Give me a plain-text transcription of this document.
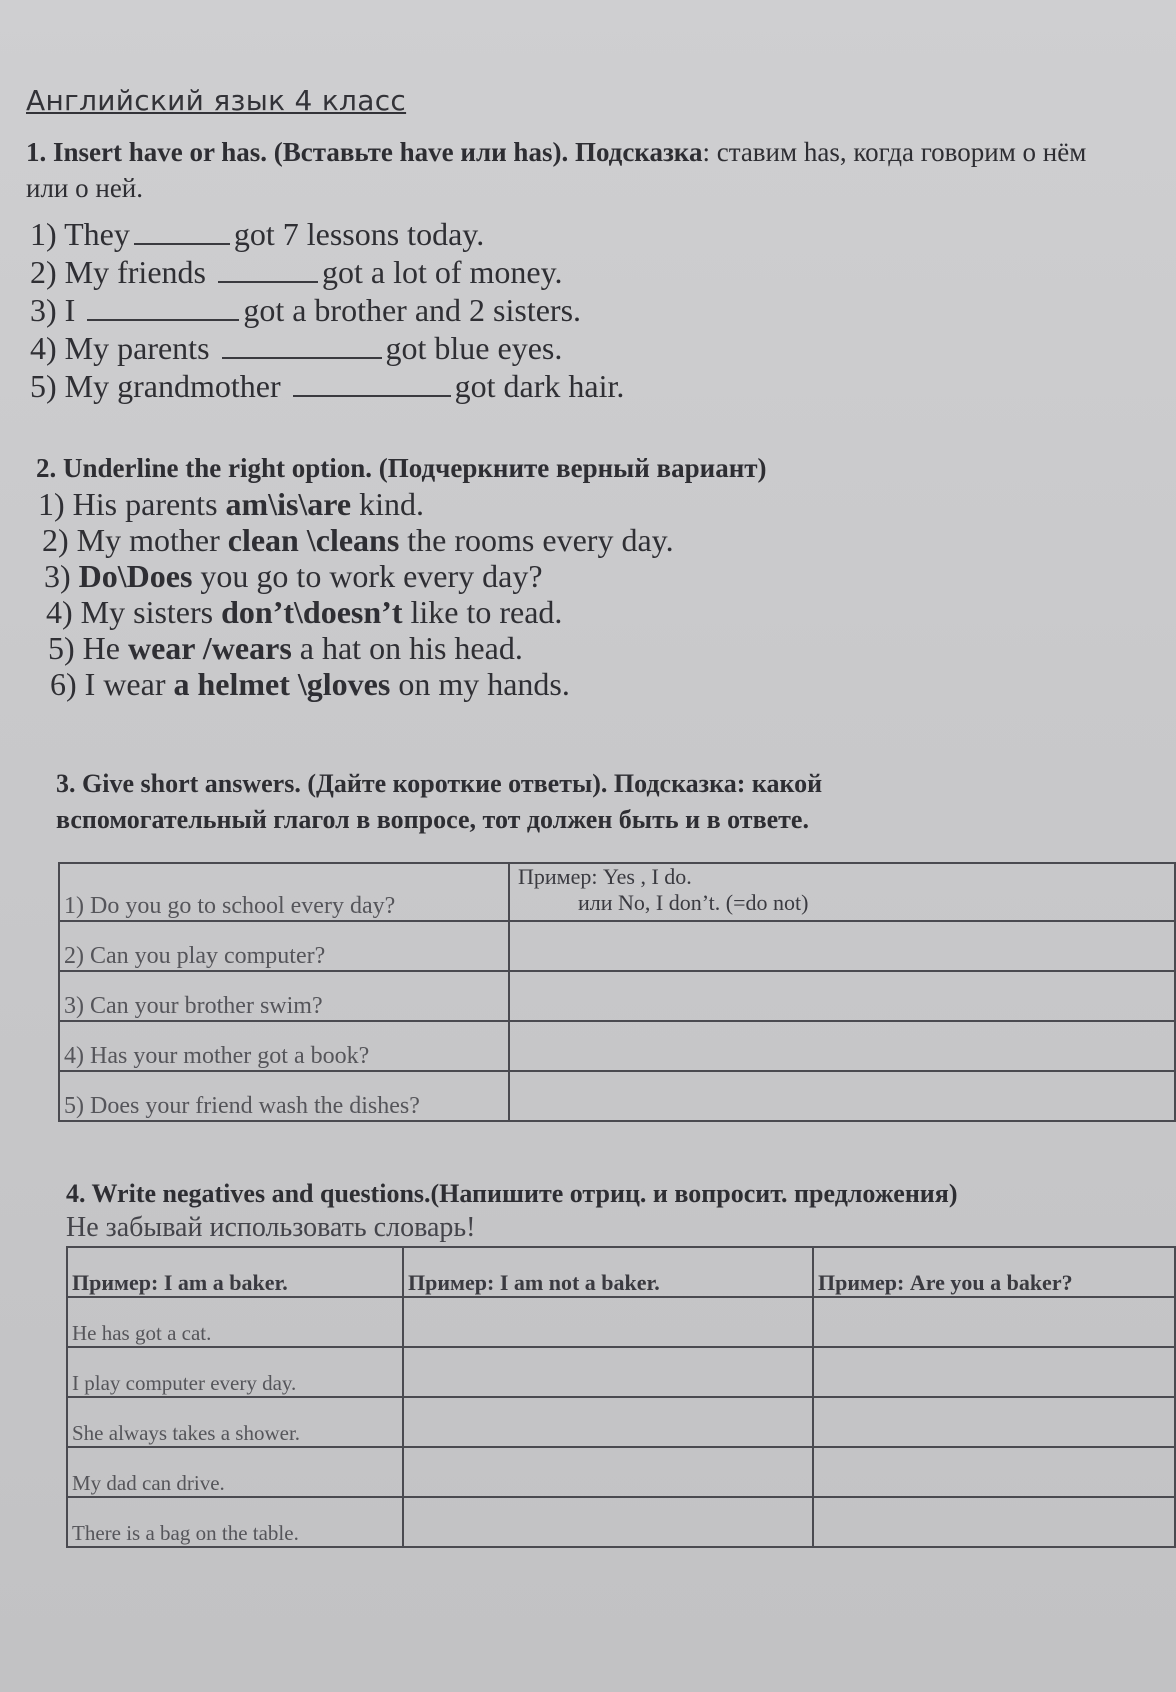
Английский язык 4 класс
1. Insert have or has. (Вставьте have или has). Подсказка: ставим has, когда говорим о нём или о ней.
1) They	got 7 lessons today.
2) My friends	got a lot of money.
3) I	got a brother and 2 sisters.
4) My parents	got blue eyes.
5) My grandmother	got dark hair.
2. Underline the right option. (Подчеркните верный вариант)
1) His parents am\is\are kind.
2) My mother clean \cleans the rooms every day.
3) Do\Does you go to work every day?
4) My sisters don’t\doesn’t like to read.
5) He wear /wears a hat on his head.
6) I wear a helmet \gloves on my hands.
3. Give short answers. (Дайте короткие ответы). Подсказка: какой
вспомогательный глагол в вопросе, тот должен быть и в ответе.
1) Do you go to school every day?	Пример: Yes , I do.
или No, I don’t. (=do not)

2) Can you play computer?	
3) Can your brother swim?	
4) Has your mother got a book?	
5) Does your friend wash the dishes?	
4. Write negatives and questions.(Напишите отриц. и вопросит. предложения)
Не забывай использовать словарь!
Пример: I am a baker.	Пример: I am not a baker.	Пример: Are you a baker?
He has got a cat.		
I play computer every day.		
She always takes a shower.		
My dad can drive.		
There is a bag on the table.		
